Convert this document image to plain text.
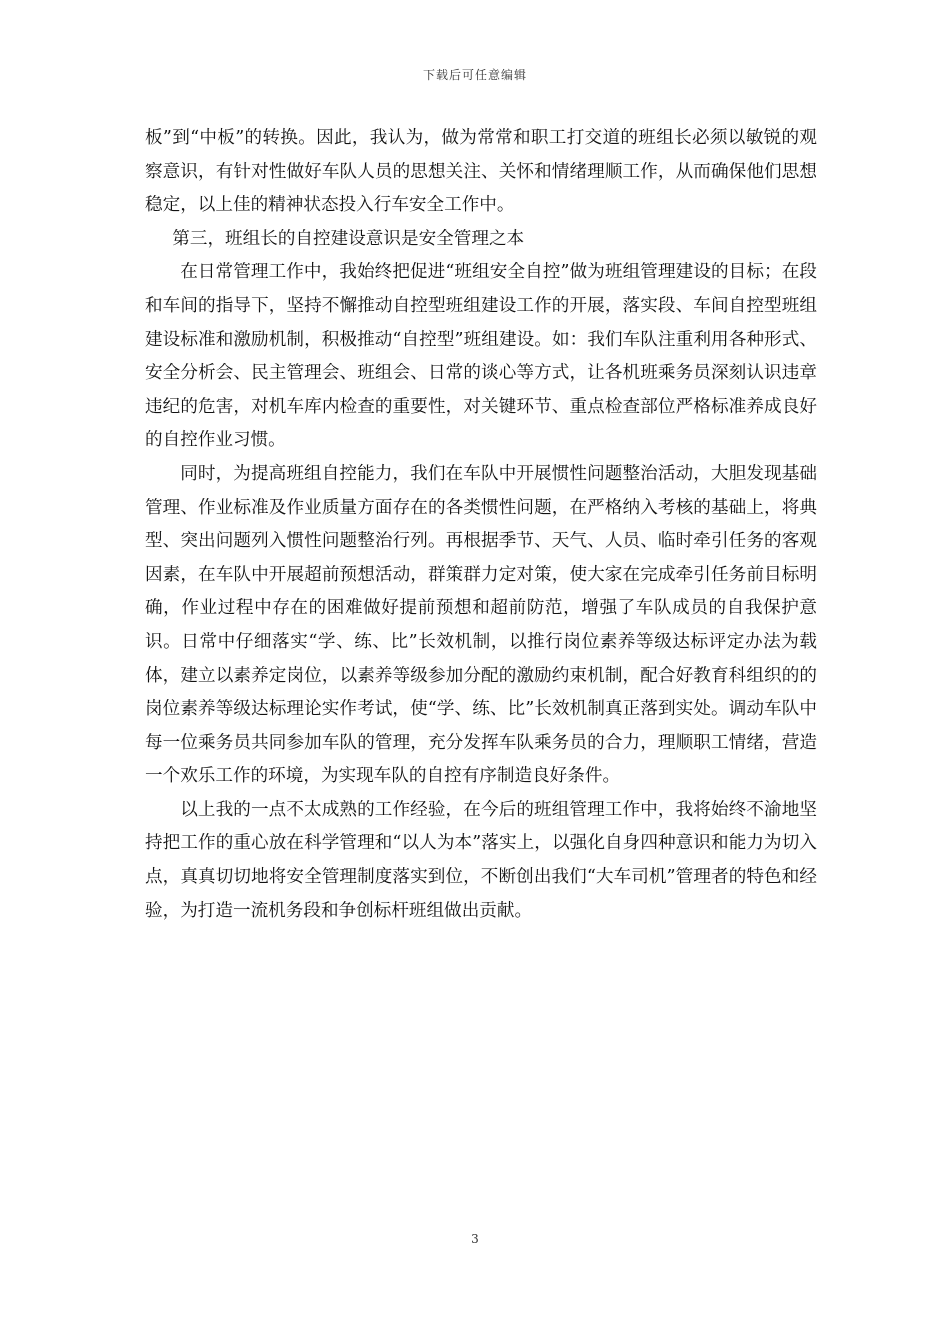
下载后可任意编辑

板”到“中板”的转换。因此，我认为，做为常常和职工打交道的班组长必须以敏锐的观察意识，有针对性做好车队人员的思想关注、关怀和情绪理顺工作，从而确保他们思想稳定，以上佳的精神状态投入行车安全工作中。

第三，班组长的自控建设意识是安全管理之本

在日常管理工作中，我始终把促进“班组安全自控”做为班组管理建设的目标；在段和车间的指导下，坚持不懈推动自控型班组建设工作的开展，落实段、车间自控型班组建设标准和激励机制，积极推动“自控型”班组建设。如：我们车队注重利用各种形式、安全分析会、民主管理会、班组会、日常的谈心等方式，让各机班乘务员深刻认识违章违纪的危害，对机车库内检查的重要性，对关键环节、重点检查部位严格标准养成良好的自控作业习惯。

同时，为提高班组自控能力，我们在车队中开展惯性问题整治活动，大胆发现基础管理、作业标准及作业质量方面存在的各类惯性问题，在严格纳入考核的基础上，将典型、突出问题列入惯性问题整治行列。再根据季节、天气、人员、临时牵引任务的客观因素，在车队中开展超前预想活动，群策群力定对策，使大家在完成牵引任务前目标明确，作业过程中存在的困难做好提前预想和超前防范，增强了车队成员的自我保护意识。日常中仔细落实“学、练、比”长效机制，以推行岗位素养等级达标评定办法为载体，建立以素养定岗位，以素养等级参加分配的激励约束机制，配合好教育科组织的的岗位素养等级达标理论实作考试，使“学、练、比”长效机制真正落到实处。调动车队中每一位乘务员共同参加车队的管理，充分发挥车队乘务员的合力，理顺职工情绪，营造一个欢乐工作的环境，为实现车队的自控有序制造良好条件。

以上我的一点不太成熟的工作经验，在今后的班组管理工作中，我将始终不渝地坚持把工作的重心放在科学管理和“以人为本”落实上，以强化自身四种意识和能力为切入点，真真切切地将安全管理制度落实到位，不断创出我们“大车司机”管理者的特色和经验，为打造一流机务段和争创标杆班组做出贡献。

3
